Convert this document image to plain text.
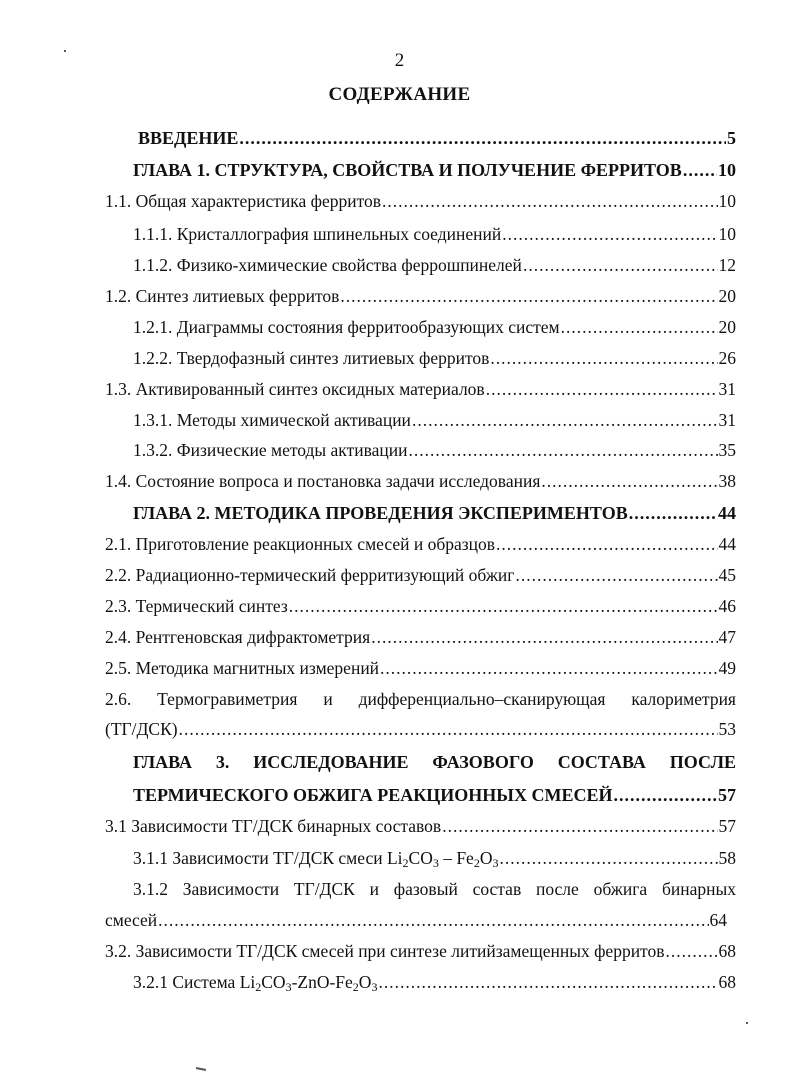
2
СОДЕРЖАНИЕ
ВВЕДЕНИЕ .....	5
ГЛАВА 1. СТРУКТУРА, СВОЙСТВА И ПОЛУЧЕНИЕ ФЕРРИТОВ ..... 10
1.1. Общая характеристика ферритов .....	10
1.1.1. Кристаллография шпинельных соединений .....	10
1.1.2. Физико-химические свойства феррошпинелей .....	12
1.2. Синтез литиевых ферритов .....	20
1.2.1. Диаграммы состояния ферритообразующих систем .....	20
1.2.2. Твердофазный синтез литиевых ферритов .....	26
1.3. Активированный синтез оксидных материалов .....	31
1.3.1. Методы химической активации .....	31
1.3.2. Физические методы активации .....	35
1.4. Состояние вопроса и постановка задачи исследования .....	38
ГЛАВА 2. МЕТОДИКА ПРОВЕДЕНИЯ ЭКСПЕРИМЕНТОВ .....	44
2.1. Приготовление реакционных смесей и образцов .....	44
2.2. Радиационно-термический ферритизующий обжиг .....	45
2.3. Термический синтез .....	46
2.4. Рентгеновская дифрактометрия .....	47
2.5. Методика магнитных измерений .....	49
2.6. Термогравиметрия и дифференциально–сканирующая калориметрия
(ТГ/ДСК) .....	53
ГЛАВА 3. ИССЛЕДОВАНИЕ ФАЗОВОГО СОСТАВА ПОСЛЕ
ТЕРМИЧЕСКОГО ОБЖИГА РЕАКЦИОННЫХ СМЕСЕЙ .....	57
3.1 Зависимости ТГ/ДСК бинарных составов .....	57
3.1.1 Зависимости ТГ/ДСК смеси $Li_2CO_3 - Fe_2O_3$ .....	58
3.1.2 Зависимости ТГ/ДСК и фазовый состав после обжига бинарных
смесей .....	64
3.2. Зависимости ТГ/ДСК смесей при синтезе литийзамещенных ферритов .....	68
3.2.1 Система $Li_2CO_3-ZnO-Fe_2O_3$ .....	68
